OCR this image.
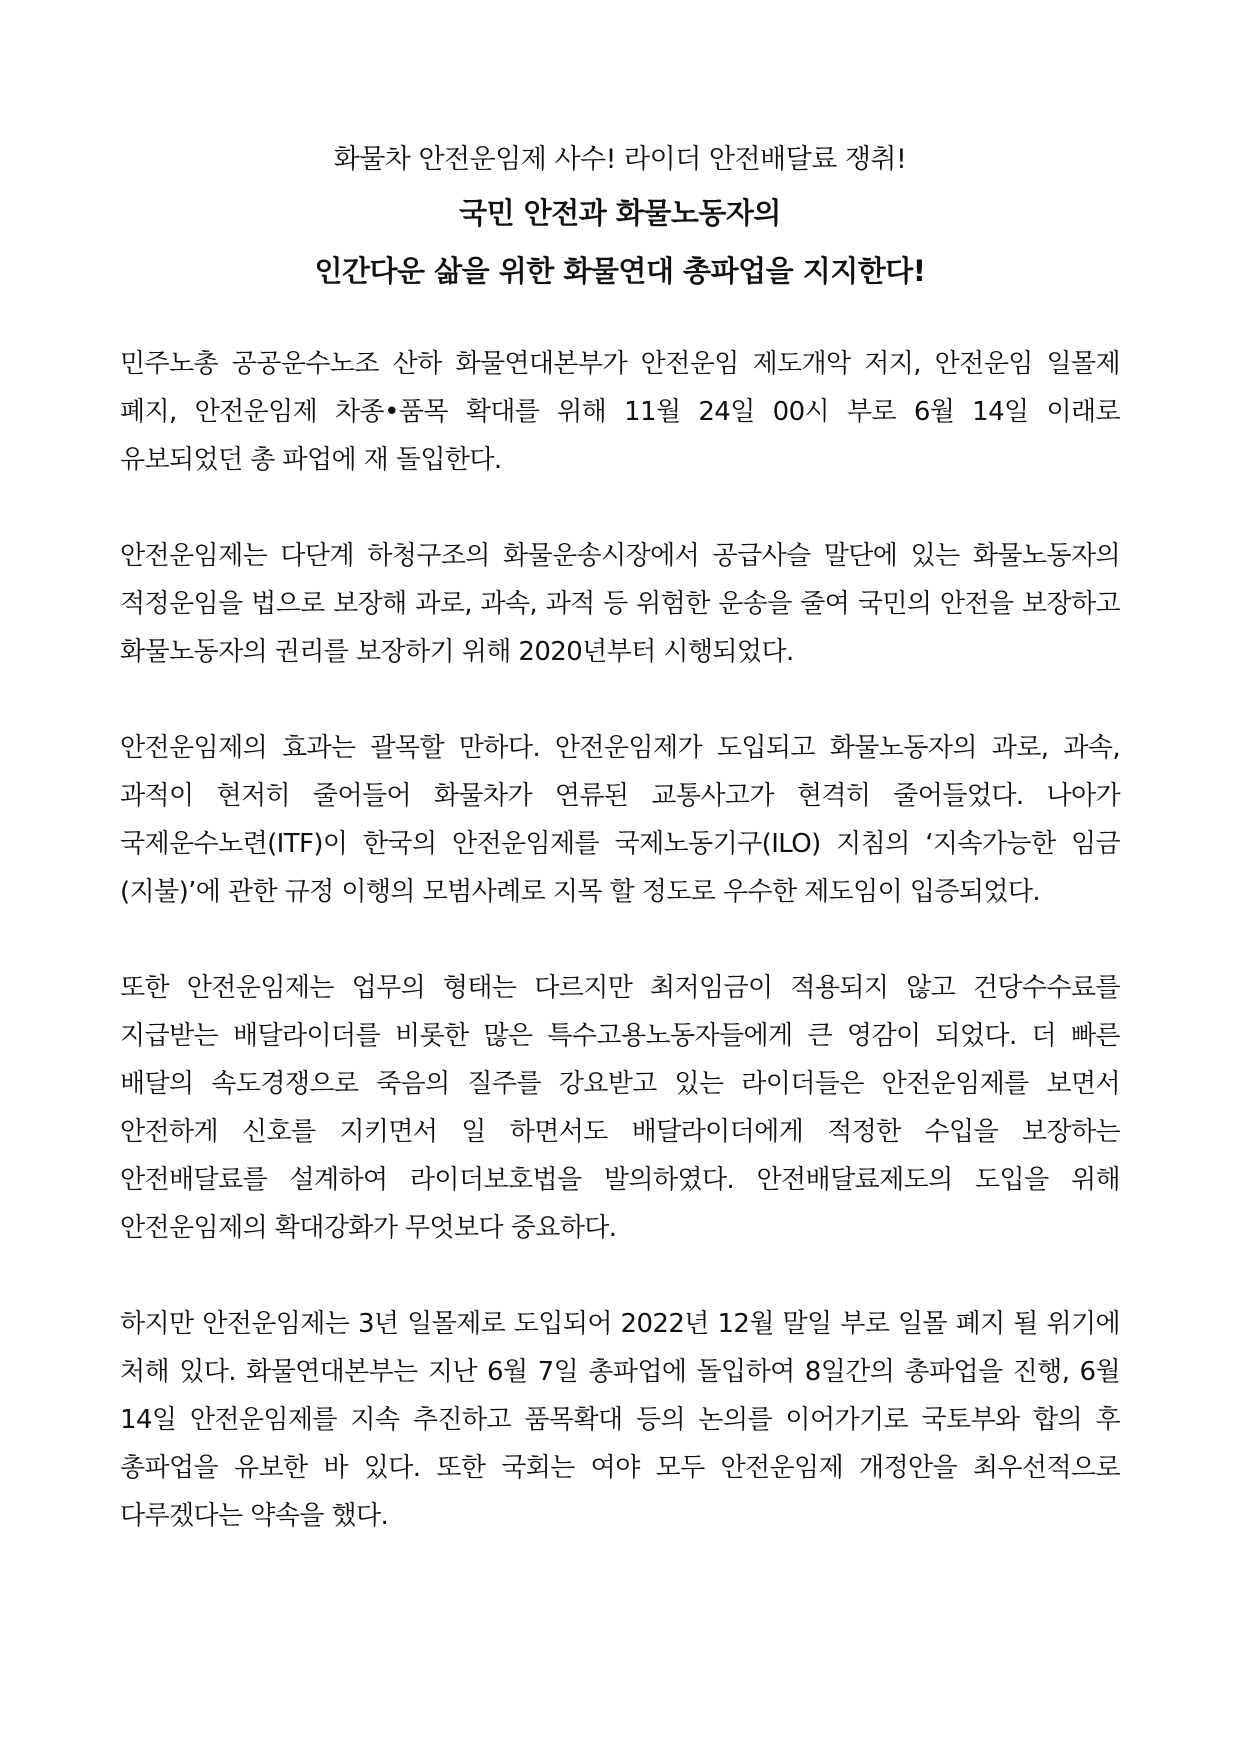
화물차 안전운임제 사수! 라이더 안전배달료 쟁취!
국민 안전과 화물노동자의
인간다운 삶을 위한 화물연대 총파업을 지지한다!

민주노총 공공운수노조 산하 화물연대본부가 안전운임 제도개악 저지, 안전운임 일몰제 폐지, 안전운임제 차종•품목 확대를 위해 11월 24일 00시 부로 6월 14일 이래로 유보되었던 총 파업에 재 돌입한다.

안전운임제는 다단계 하청구조의 화물운송시장에서 공급사슬 말단에 있는 화물노동자의 적정운임을 법으로 보장해 과로, 과속, 과적 등 위험한 운송을 줄여 국민의 안전을 보장하고 화물노동자의 권리를 보장하기 위해 2020년부터 시행되었다.

안전운임제의 효과는 괄목할 만하다. 안전운임제가 도입되고 화물노동자의 과로, 과속, 과적이 현저히 줄어들어 화물차가 연류된 교통사고가 현격히 줄어들었다. 나아가 국제운수노련(ITF)이 한국의 안전운임제를 국제노동기구(ILO) 지침의 ‘지속가능한 임금(지불)’에 관한 규정 이행의 모범사례로 지목 할 정도로 우수한 제도임이 입증되었다.

또한 안전운임제는 업무의 형태는 다르지만 최저임금이 적용되지 않고 건당수수료를 지급받는 배달라이더를 비롯한 많은 특수고용노동자들에게 큰 영감이 되었다. 더 빠른 배달의 속도경쟁으로 죽음의 질주를 강요받고 있는 라이더들은 안전운임제를 보면서 안전하게 신호를 지키면서 일 하면서도 배달라이더에게 적정한 수입을 보장하는 안전배달료를 설계하여 라이더보호법을 발의하였다. 안전배달료제도의 도입을 위해 안전운임제의 확대강화가 무엇보다 중요하다.

하지만 안전운임제는 3년 일몰제로 도입되어 2022년 12월 말일 부로 일몰 폐지 될 위기에 처해 있다. 화물연대본부는 지난 6월 7일 총파업에 돌입하여 8일간의 총파업을 진행, 6월 14일 안전운임제를 지속 추진하고 품목확대 등의 논의를 이어가기로 국토부와 합의 후 총파업을 유보한 바 있다. 또한 국회는 여야 모두 안전운임제 개정안을 최우선적으로 다루겠다는 약속을 했다.
